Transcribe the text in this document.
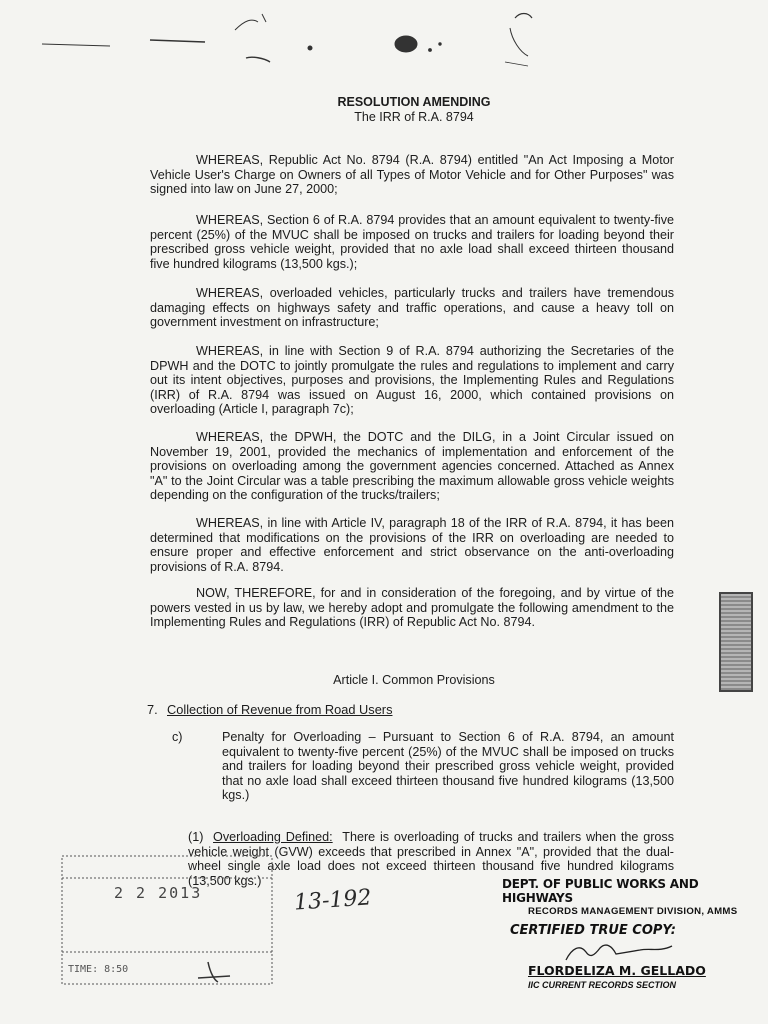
RESOLUTION AMENDING
The IRR of R.A. 8794

WHEREAS, Republic Act No. 8794 (R.A. 8794) entitled "An Act Imposing a Motor Vehicle User's Charge on Owners of all Types of Motor Vehicle and for Other Purposes" was signed into law on June 27, 2000;

WHEREAS, Section 6 of R.A. 8794 provides that an amount equivalent to twenty-five percent (25%) of the MVUC shall be imposed on trucks and trailers for loading beyond their prescribed gross vehicle weight, provided that no axle load shall exceed thirteen thousand five hundred kilograms (13,500 kgs.);

WHEREAS, overloaded vehicles, particularly trucks and trailers have tremendous damaging effects on highways safety and traffic operations, and cause a heavy toll on government investment on infrastructure;

WHEREAS, in line with Section 9 of R.A. 8794 authorizing the Secretaries of the DPWH and the DOTC to jointly promulgate the rules and regulations to implement and carry out its intent objectives, purposes and provisions, the Implementing Rules and Regulations (IRR) of R.A. 8794 was issued on August 16, 2000, which contained provisions on overloading (Article I, paragraph 7c);

WHEREAS, the DPWH, the DOTC and the DILG, in a Joint Circular issued on November 19, 2001, provided the mechanics of implementation and enforcement of the provisions on overloading among the government agencies concerned. Attached as Annex "A" to the Joint Circular was a table prescribing the maximum allowable gross vehicle weights depending on the configuration of the trucks/trailers;

WHEREAS, in line with Article IV, paragraph 18 of the IRR of R.A. 8794, it has been determined that modifications on the provisions of the IRR on overloading are needed to ensure proper and effective enforcement and strict observance on the anti-overloading provisions of R.A. 8794.

NOW, THEREFORE, for and in consideration of the foregoing, and by virtue of the powers vested in us by law, we hereby adopt and promulgate the following amendment to the Implementing Rules and Regulations (IRR) of Republic Act No. 8794.

Article I. Common Provisions
7. Collection of Revenue from Road Users
c)	Penalty for Overloading – Pursuant to Section 6 of R.A. 8794, an amount equivalent to twenty-five percent (25%) of the MVUC shall be imposed on trucks and trailers for loading beyond their prescribed gross vehicle weight, provided that no axle load shall exceed thirteen thousand five hundred kilograms (13,500 kgs.)
(1) Overloading Defined: There is overloading of trucks and trailers when the gross vehicle weight (GVW) exceeds that prescribed in Annex "A", provided that the dual-wheel single axle load does not exceed thirteen thousand five hundred kilograms (13,500 kgs.)
2 2 2013
TIME: 8:50
13-192
DEPT. OF PUBLIC WORKS AND HIGHWAYS
RECORDS MANAGEMENT DIVISION, AMMS
CERTIFIED TRUE COPY:
FLORDELIZA M. GELLADO
IIC CURRENT RECORDS SECTION
